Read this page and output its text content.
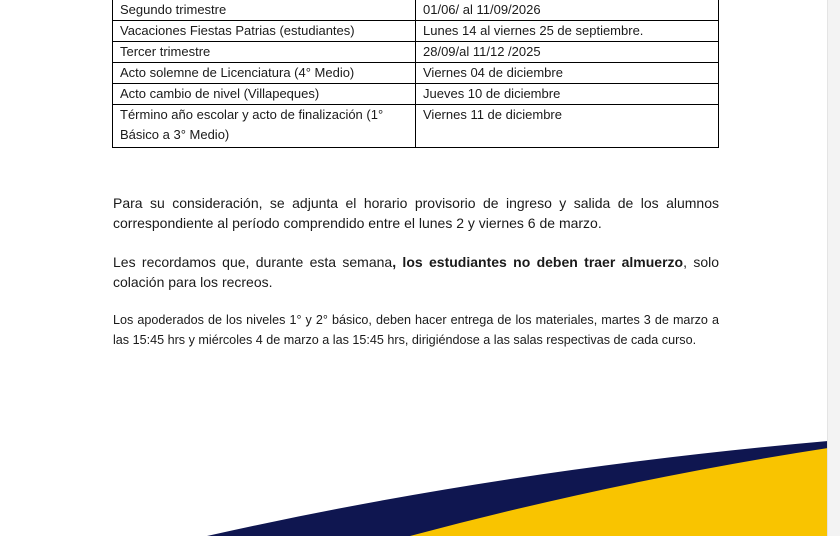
Segundo trimestre	01/06/ al 11/09/2026
Vacaciones Fiestas Patrias (estudiantes)	Lunes 14 al viernes 25 de septiembre.
Tercer trimestre	28/09/al 11/12 /2025
Acto solemne de Licenciatura (4° Medio)	Viernes 04 de diciembre
Acto cambio de nivel (Villapeques)	Jueves 10 de diciembre
Término año escolar y acto de finalización (1° Básico a 3° Medio)	Viernes 11 de diciembre

Para su consideración, se adjunta el horario provisorio de ingreso y salida de los alumnos correspondiente al período comprendido entre el lunes 2 y viernes 6 de marzo.

Les recordamos que, durante esta semana, los estudiantes no deben traer almuerzo, solo colación para los recreos.

Los apoderados de los niveles 1° y 2° básico, deben hacer entrega de los materiales, martes 3 de marzo a las 15:45 hrs y miércoles 4 de marzo a las 15:45 hrs, dirigiéndose a las salas respectivas de cada curso.
